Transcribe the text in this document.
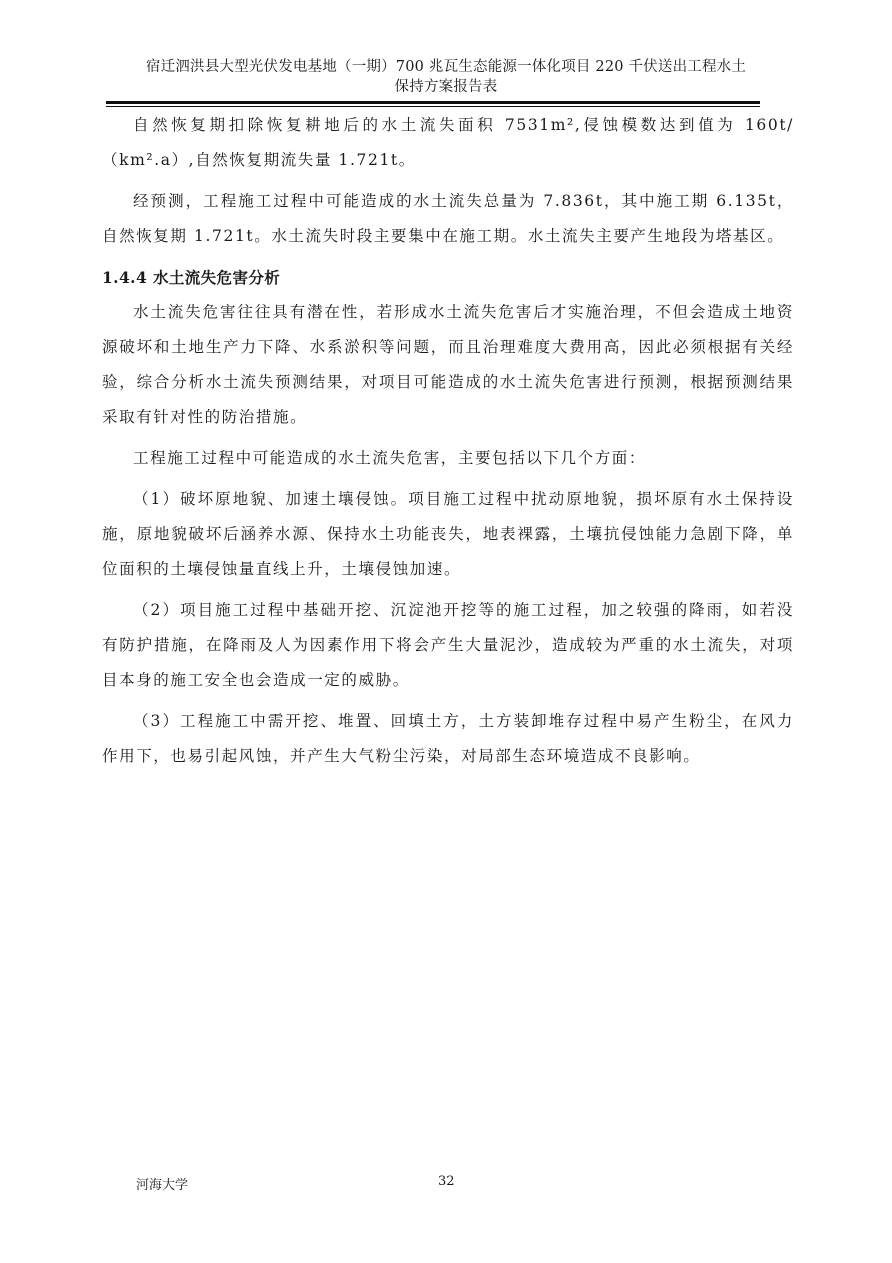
宿迁泗洪县大型光伏发电基地（一期）700 兆瓦生态能源一体化项目 220 千伏送出工程水土
保持方案报告表

自然恢复期扣除恢复耕地后的水土流失面积 7531m²,侵蚀模数达到值为 160t/（km².a）,自然恢复期流失量 1.721t。

经预测，工程施工过程中可能造成的水土流失总量为 7.836t，其中施工期 6.135t，自然恢复期 1.721t。水土流失时段主要集中在施工期。水土流失主要产生地段为塔基区。

1.4.4 水土流失危害分析

水土流失危害往往具有潜在性，若形成水土流失危害后才实施治理，不但会造成土地资源破坏和土地生产力下降、水系淤积等问题，而且治理难度大费用高，因此必须根据有关经验，综合分析水土流失预测结果，对项目可能造成的水土流失危害进行预测，根据预测结果采取有针对性的防治措施。

工程施工过程中可能造成的水土流失危害，主要包括以下几个方面：

（1）破坏原地貌、加速土壤侵蚀。项目施工过程中扰动原地貌，损坏原有水土保持设施，原地貌破坏后涵养水源、保持水土功能丧失，地表裸露，土壤抗侵蚀能力急剧下降，单位面积的土壤侵蚀量直线上升，土壤侵蚀加速。

（2）项目施工过程中基础开挖、沉淀池开挖等的施工过程，加之较强的降雨，如若没有防护措施，在降雨及人为因素作用下将会产生大量泥沙，造成较为严重的水土流失，对项目本身的施工安全也会造成一定的威胁。

（3）工程施工中需开挖、堆置、回填土方，土方装卸堆存过程中易产生粉尘，在风力作用下，也易引起风蚀，并产生大气粉尘污染，对局部生态环境造成不良影响。

河海大学	32
